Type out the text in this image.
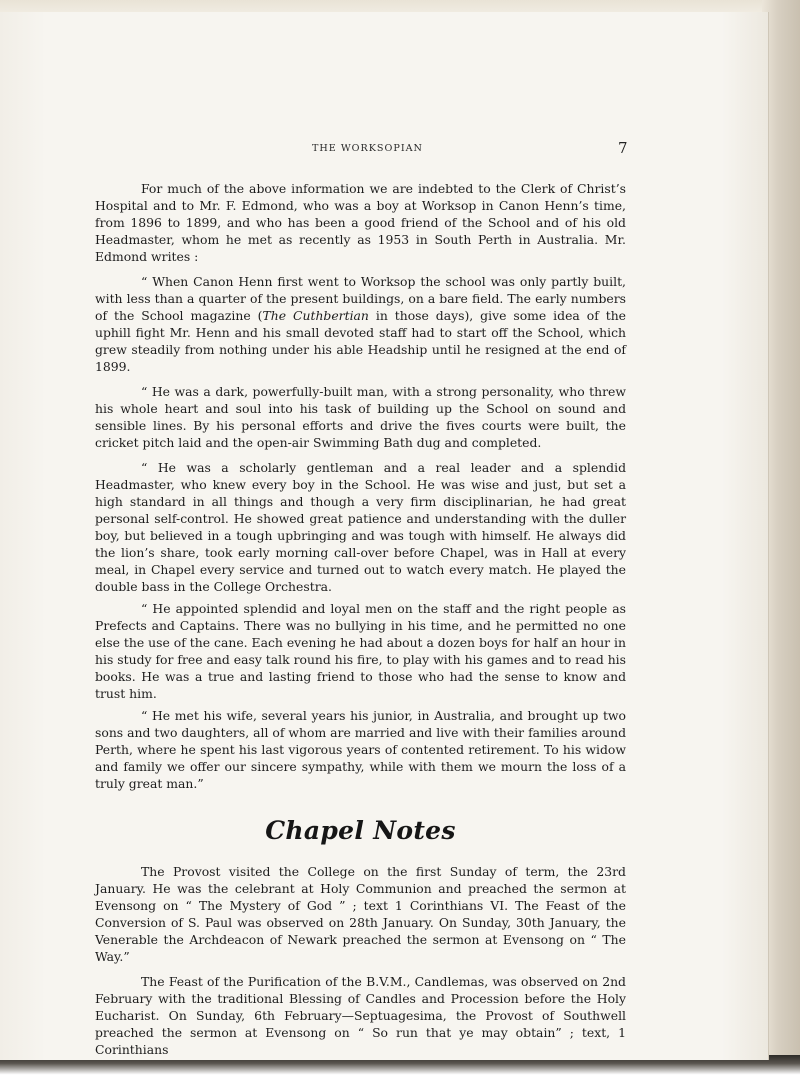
THE WORKSOPIAN	7

For much of the above information we are indebted to the Clerk of Christ’s Hospital and to Mr. F. Edmond, who was a boy at Worksop in Canon Henn’s time, from 1896 to 1899, and who has been a good friend of the School and of his old Headmaster, whom he met as recently as 1953 in South Perth in Australia. Mr. Edmond writes :

“ When Canon Henn first went to Worksop the school was only partly built, with less than a quarter of the present buildings, on a bare field. The early numbers of the School magazine (The Cuthbertian in those days), give some idea of the uphill fight Mr. Henn and his small devoted staff had to start off the School, which grew steadily from nothing under his able Headship until he resigned at the end of 1899.

“ He was a dark, powerfully-built man, with a strong personality, who threw his whole heart and soul into his task of building up the School on sound and sensible lines. By his personal efforts and drive the fives courts were built, the cricket pitch laid and the open-air Swimming Bath dug and completed.

“ He was a scholarly gentleman and a real leader and a splendid Headmaster, who knew every boy in the School. He was wise and just, but set a high standard in all things and though a very firm disciplinarian, he had great personal self-control. He showed great patience and understanding with the duller boy, but believed in a tough upbringing and was tough with himself. He always did the lion’s share, took early morning call-over before Chapel, was in Hall at every meal, in Chapel every service and turned out to watch every match. He played the double bass in the College Orchestra.

“ He appointed splendid and loyal men on the staff and the right people as Prefects and Captains. There was no bullying in his time, and he permitted no one else the use of the cane. Each evening he had about a dozen boys for half an hour in his study for free and easy talk round his fire, to play with his games and to read his books. He was a true and lasting friend to those who had the sense to know and trust him.

“ He met his wife, several years his junior, in Australia, and brought up two sons and two daughters, all of whom are married and live with their families around Perth, where he spent his last vigorous years of contented retirement. To his widow and family we offer our sincere sympathy, while with them we mourn the loss of a truly great man.”

Chapel Notes

The Provost visited the College on the first Sunday of term, the 23rd January. He was the celebrant at Holy Communion and preached the sermon at Evensong on “ The Mystery of God ” ; text 1 Corinthians VI. The Feast of the Conversion of S. Paul was observed on 28th January. On Sunday, 30th January, the Venerable the Archdeacon of Newark preached the sermon at Evensong on “ The Way.”

The Feast of the Purification of the B.V.M., Candlemas, was observed on 2nd February with the traditional Blessing of Candles and Procession before the Holy Eucharist. On Sunday, 6th February—Septuagesima, the Provost of Southwell preached the sermon at Evensong on “ So run that ye may obtain” ; text, 1 Corinthians
